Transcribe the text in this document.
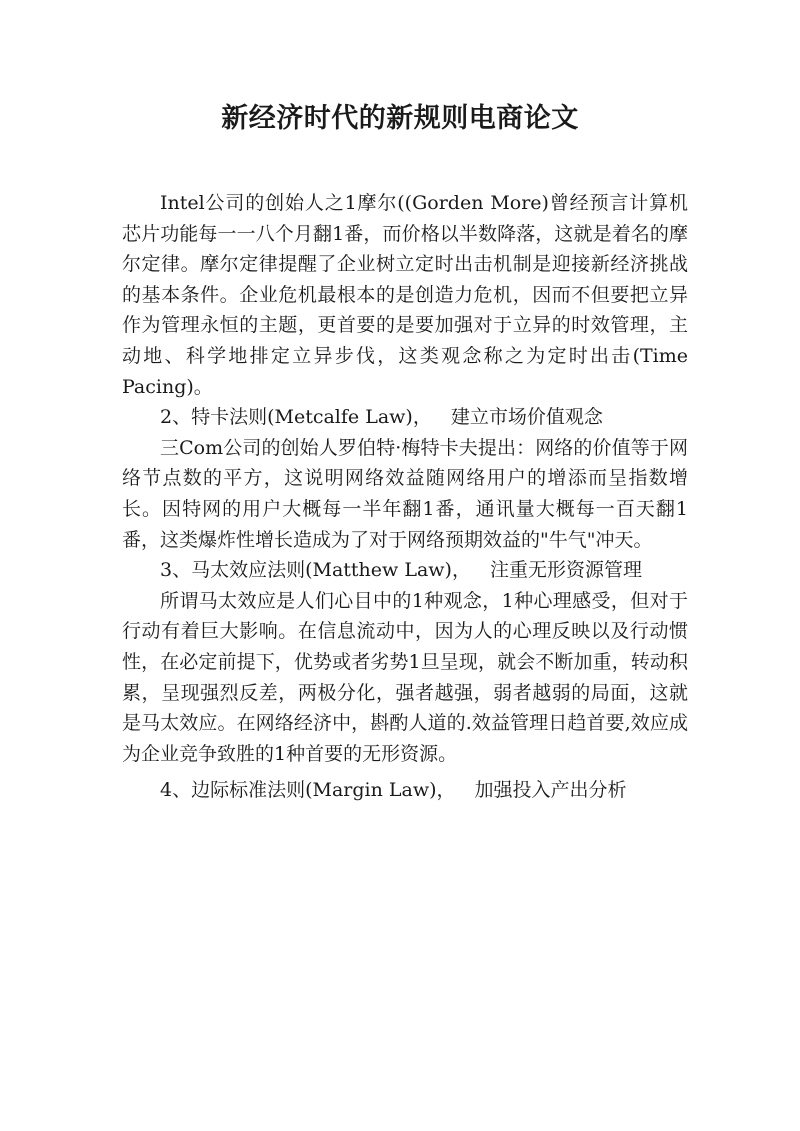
新经济时代的新规则电商论文

Intel公司的创始人之1摩尔((Gorden More)曾经预言计算机芯片功能每一一八个月翻1番，而价格以半数降落，这就是着名的摩尔定律。摩尔定律提醒了企业树立定时出击机制是迎接新经济挑战的基本条件。企业危机最根本的是创造力危机，因而不但要把立异作为管理永恒的主题，更首要的是要加强对于立异的时效管理，主动地、科学地排定立异步伐，这类观念称之为定时出击(Time Pacing)。

2、特卡法则(Metcalfe Law)， 建立市场价值观念

三Com公司的创始人罗伯特·梅特卡夫提出：网络的价值等于网络节点数的平方，这说明网络效益随网络用户的增添而呈指数增长。因特网的用户大概每一半年翻1番，通讯量大概每一百天翻1番，这类爆炸性增长造成为了对于网络预期效益的"牛气"冲天。

3、马太效应法则(Matthew Law)， 注重无形资源管理

所谓马太效应是人们心目中的1种观念，1种心理感受，但对于行动有着巨大影响。在信息流动中，因为人的心理反映以及行动惯性，在必定前提下，优势或者劣势1旦呈现，就会不断加重，转动积累，呈现强烈反差，两极分化，强者越强，弱者越弱的局面，这就是马太效应。在网络经济中，斟酌人道的.效益管理日趋首要,效应成为企业竞争致胜的1种首要的无形资源。

4、边际标准法则(Margin Law)， 加强投入产出分析
